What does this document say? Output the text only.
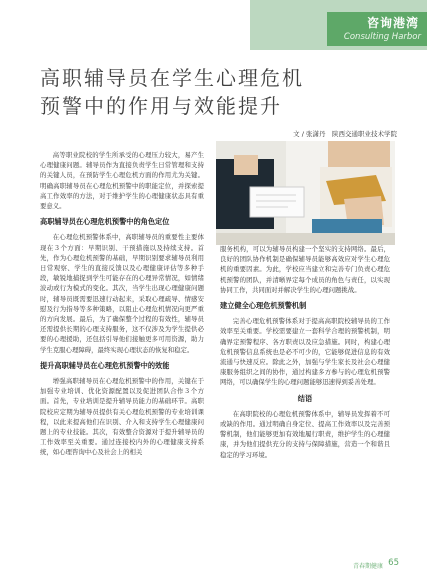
咨询港湾
Consulting Harbor
高职辅导员在学生心理危机
预警中的作用与效能提升
文 / 张潇丹　陕西交通职业技术学院

高等职业院校的学生所承受的心理压力较大，易产生心理健康问题。辅导员作为直接负责学生日常管理和支持的关键人员，在预防学生心理危机方面的作用尤为关键。明确高职辅导员在心理危机预警中的职能定位，并探索提高工作效率的方法，对于维护学生的心理健康状态具有重要意义。

高职辅导员在心理危机预警中的角色定位

在心理危机预警体系中，高职辅导员的重要性主要体现在３个方面：早期识别、干预措施以及持续支持。首先，作为心理危机预警的基础，早期识别要求辅导员利用日常观察、学生的直接反馈以及心理健康评估等多种手段，敏锐地捕捉到学生可能存在的心理异常情况，如情绪波动或行为模式的变化。其次，当学生出现心理健康问题时，辅导员既需要迅速行动起来，采取心理疏导、情感安慰及行为指导等多种策略，以阻止心理危机情况向更严重的方向发展。最后，为了确保整个过程的有效性，辅导员还需提供长期的心理支持服务，这不仅涉及为学生提供必要的心理援助，还包括引导他们接触更多可用资源，助力学生克服心理障碍，最终实现心理状态的恢复和稳定。

提升高职辅导员在心理危机预警中的效能

增强高职辅导员在心理危机预警中的作用，关键在于加强专业培训、优化资源配置以及促进团队合作３个方面。首先，专业培训是提升辅导员能力的基础环节。高职院校应定期为辅导员提供有关心理危机预警的专业培训课程，以此来提高他们在识别、介入和支持学生心理健康问题上的专业技能。其次，有效整合资源对于提升辅导员的工作效率至关重要。通过连接校内外的心理健康支持系统，如心理咨询中心及社会上的相关

服务机构，可以为辅导员构建一个坚实的支持网络。最后，良好的团队协作机制是确保辅导员能够高效应对学生心理危机的重要因素。为此，学校应当建立和完善专门负责心理危机预警的团队，并清晰界定每个成员的角色与责任，以实现协同工作，共同面对并解决学生的心理问题挑战。

建立健全心理危机预警机制

完善心理危机预警体系对于提高高职院校辅导员的工作效率至关重要。学校需要建立一套科学合理的预警机制，明确界定预警程序、各方职责以及应急措施。同时，构建心理危机预警信息系统也是必不可少的，它能够促进信息的有效流通与快速反应。除此之外，加强与学生家长及社会心理健康服务组织之间的协作，通过构建多方参与的心理危机预警网络，可以确保学生的心理问题能够迅速得到妥善处理。

结语

在高职院校的心理危机预警体系中，辅导员发挥着不可或缺的作用。通过明确自身定位、提高工作效率以及完善预警机制，他们能够更加有效地履行职责，维护学生的心理健康，并为他们提供充分的支持与保障措施，营造一个和谐且稳定的学习环境。

青春期健康 65
